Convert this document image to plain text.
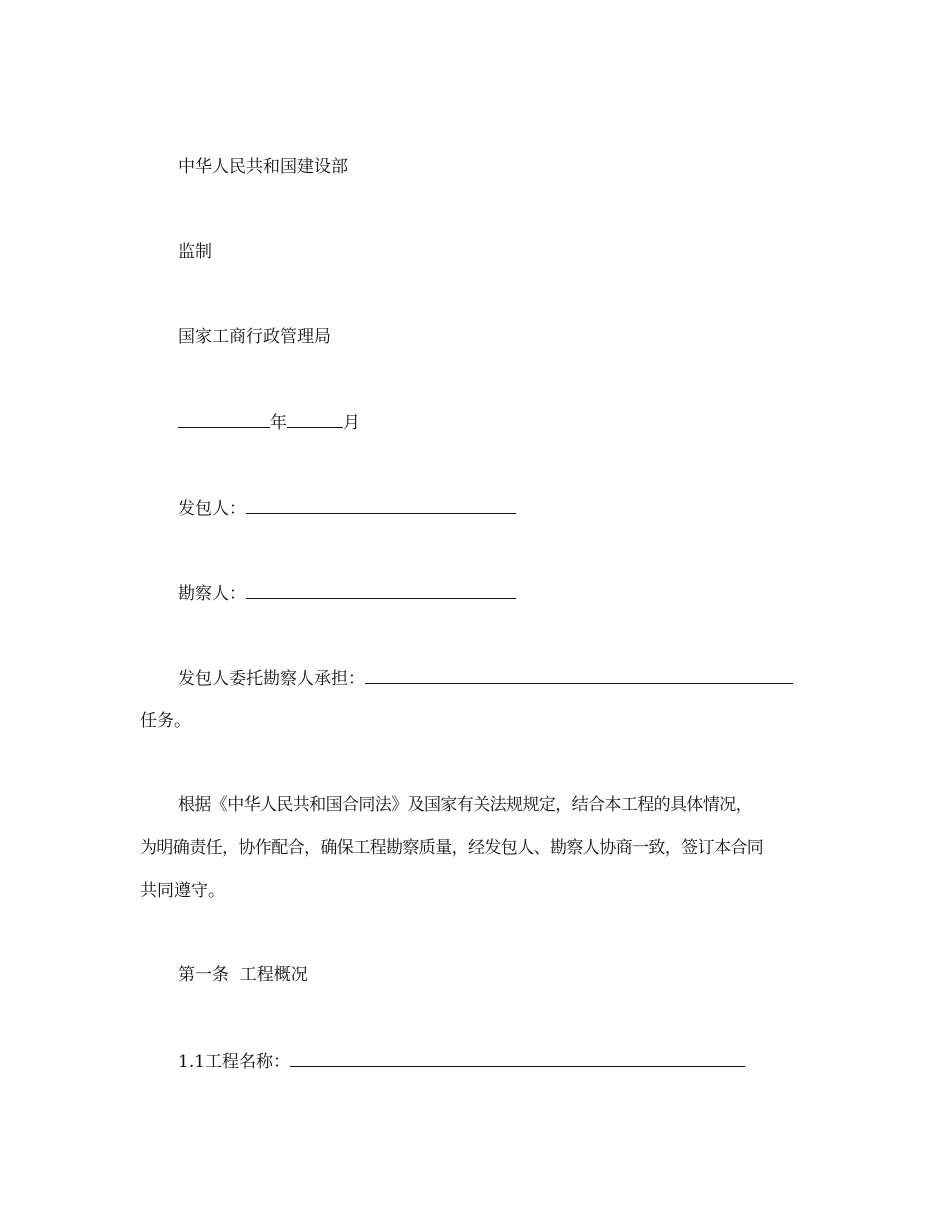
中华人民共和国建设部
监制
国家工商行政管理局
年	月
发包人：
勘察人：
发包人委托勘察人承担：
任务。
根据《中华人民共和国合同法》及国家有关法规规定，结合本工程的具体情况，
为明确责任，协作配合，确保工程勘察质量，经发包人、勘察人协商一致，签订本合同
共同遵守。
第一条  工程概况
1.1工程名称：
